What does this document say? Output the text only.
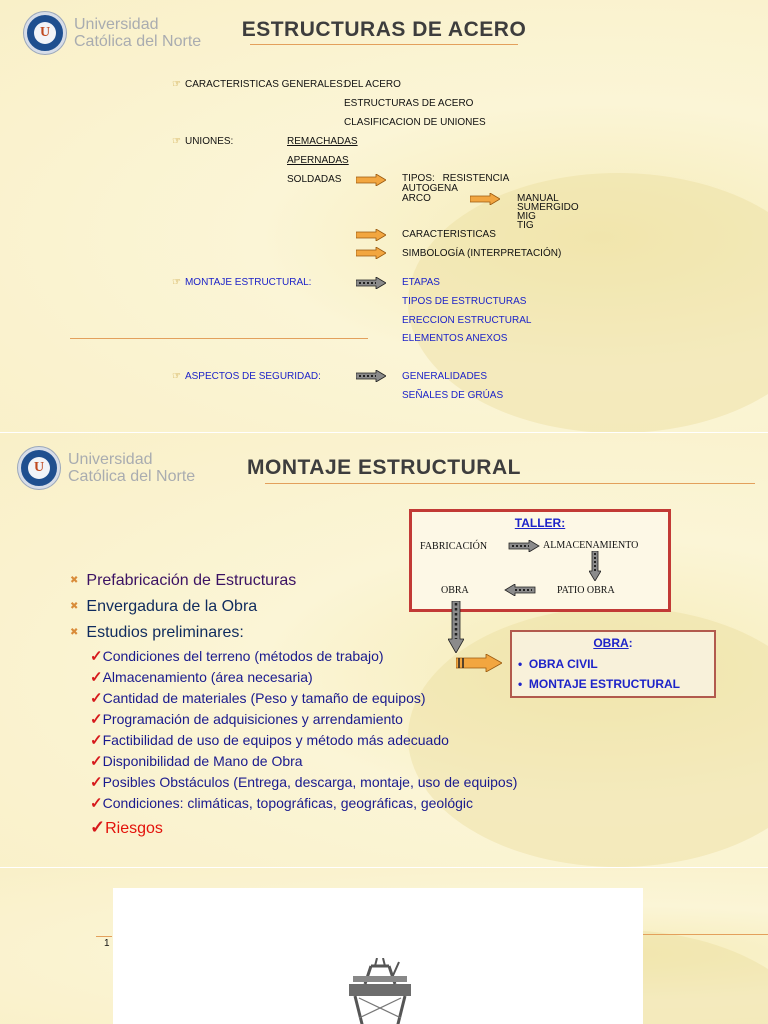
U
Universidad
Católica del Norte
ESTRUCTURAS DE ACERO
☞ CARACTERISTICAS GENERALES:
DEL ACERO
ESTRUCTURAS DE ACERO
CLASIFICACION DE UNIONES
☞ UNIONES:	REMACHADAS
APERNADAS
SOLDADAS	TIPOS: RESISTENCIA
AUTOGENA
ARCO	MANUAL
SUMERGIDO
MIG
TIG
CARACTERISTICAS
SIMBOLOGÍA (INTERPRETACIÓN)
☞ MONTAJE ESTRUCTURAL:	ETAPAS
TIPOS DE ESTRUCTURAS
ERECCION ESTRUCTURAL
ELEMENTOS ANEXOS
☞ ASPECTOS DE SEGURIDAD:	GENERALIDADES
SEÑALES DE GRÚAS
U
Universidad
Católica del Norte	MONTAJE ESTRUCTURAL
✖ Prefabricación de Estructuras
✖ Envergadura de la Obra
✖ Estudios preliminares:
✓Condiciones del terreno (métodos de trabajo)
✓Almacenamiento (área necesaria)
✓Cantidad de materiales (Peso y tamaño de equipos)
✓Programación de adquisiciones y arrendamiento
✓Factibilidad de uso de equipos y método más adecuado
✓Disponibilidad de Mano de Obra
✓Posibles Obstáculos (Entrega, descarga, montaje, uso de equipos)
✓Condiciones: climáticas, topográficas, geográficas, geológic
✓Riesgos
TALLER:
FABRICACIÓN	ALMACENAMIENTO
OBRA	PATIO OBRA
OBRA:
•  OBRA CIVIL
•  MONTAJE ESTRUCTURAL
1
